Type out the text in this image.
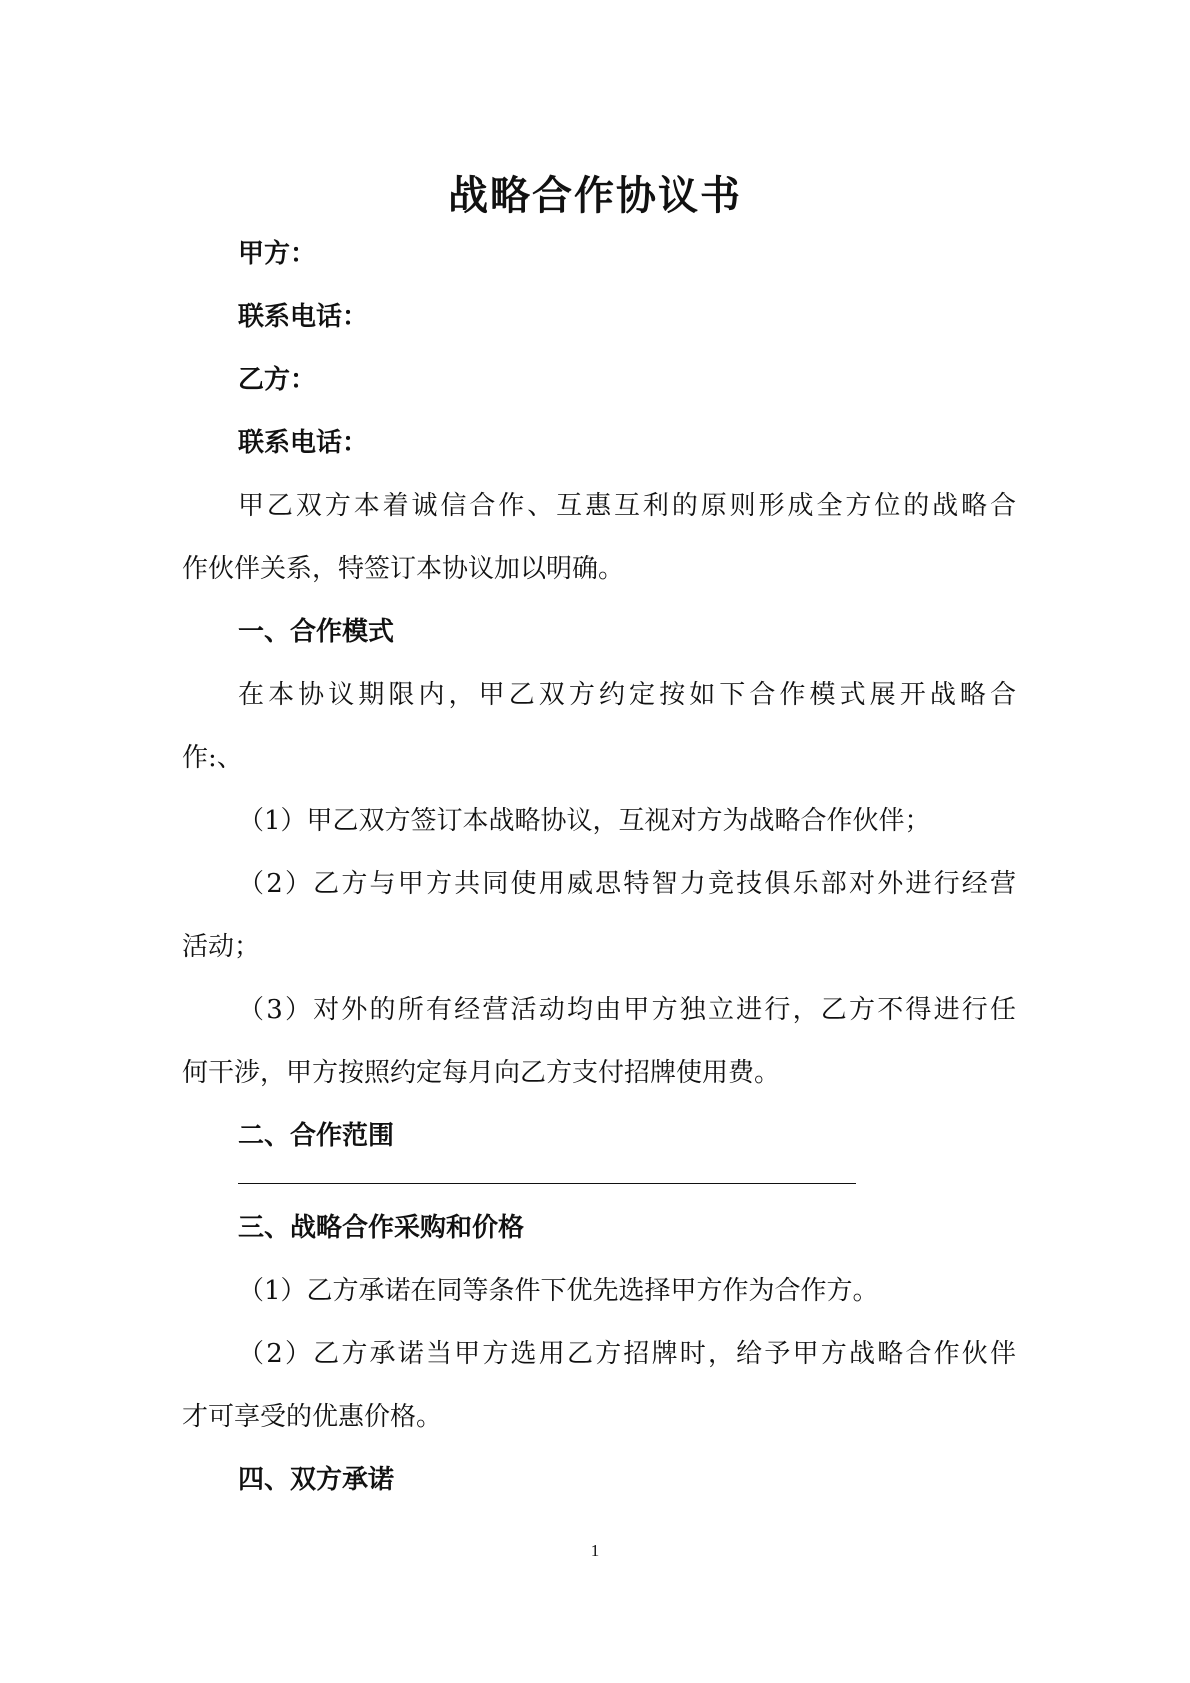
战略合作协议书
甲方：
联系电话：
乙方：
联系电话：
甲乙双方本着诚信合作、互惠互利的原则形成全方位的战略合
作伙伴关系，特签订本协议加以明确。
一、合作模式
在本协议期限内，甲乙双方约定按如下合作模式展开战略合
作:、
（1）甲乙双方签订本战略协议，互视对方为战略合作伙伴；
（2）乙方与甲方共同使用威思特智力竞技俱乐部对外进行经营
活动；
（3）对外的所有经营活动均由甲方独立进行，乙方不得进行任
何干涉，甲方按照约定每月向乙方支付招牌使用费。
二、合作范围
三、战略合作采购和价格
（1）乙方承诺在同等条件下优先选择甲方作为合作方。
（2）乙方承诺当甲方选用乙方招牌时，给予甲方战略合作伙伴
才可享受的优惠价格。
四、双方承诺
1
